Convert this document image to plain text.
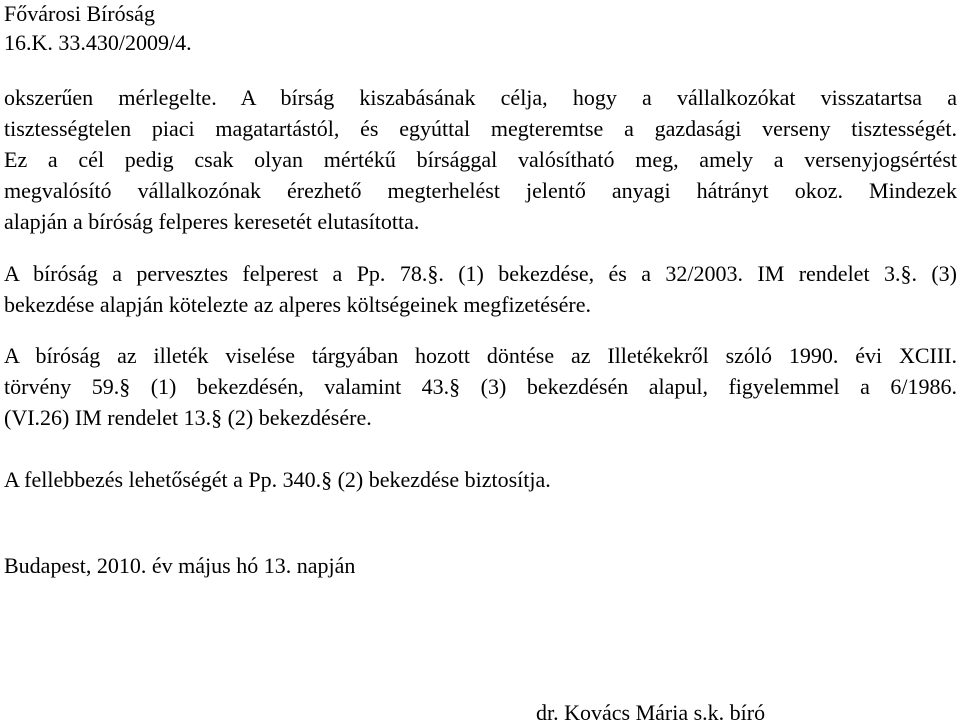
Fővárosi Bíróság
16.K. 33.430/2009/4.
okszerűen mérlegelte. A bírság kiszabásának célja, hogy a vállalkozókat visszatartsa a
tisztességtelen piaci magatartástól, és egyúttal megteremtse a gazdasági verseny tisztességét.
Ez a cél pedig csak olyan mértékű bírsággal valósítható meg, amely a versenyjogsértést
megvalósító vállalkozónak érezhető megterhelést jelentő anyagi hátrányt okoz. Mindezek
alapján a bíróság felperes keresetét elutasította.
A bíróság a pervesztes felperest a Pp. 78.§. (1) bekezdése, és a 32/2003. IM rendelet 3.§. (3)
bekezdése alapján kötelezte az alperes költségeinek megfizetésére.
A bíróság az illeték viselése tárgyában hozott döntése az Illetékekről szóló 1990. évi XCIII.
törvény 59.§ (1) bekezdésén, valamint 43.§ (3) bekezdésén alapul, figyelemmel a 6/1986.
(VI.26) IM rendelet 13.§ (2) bekezdésére.
A fellebbezés lehetőségét a Pp. 340.§ (2) bekezdése biztosítja.
Budapest, 2010. év május hó 13. napján
dr. Kovács Mária s.k. bíró
